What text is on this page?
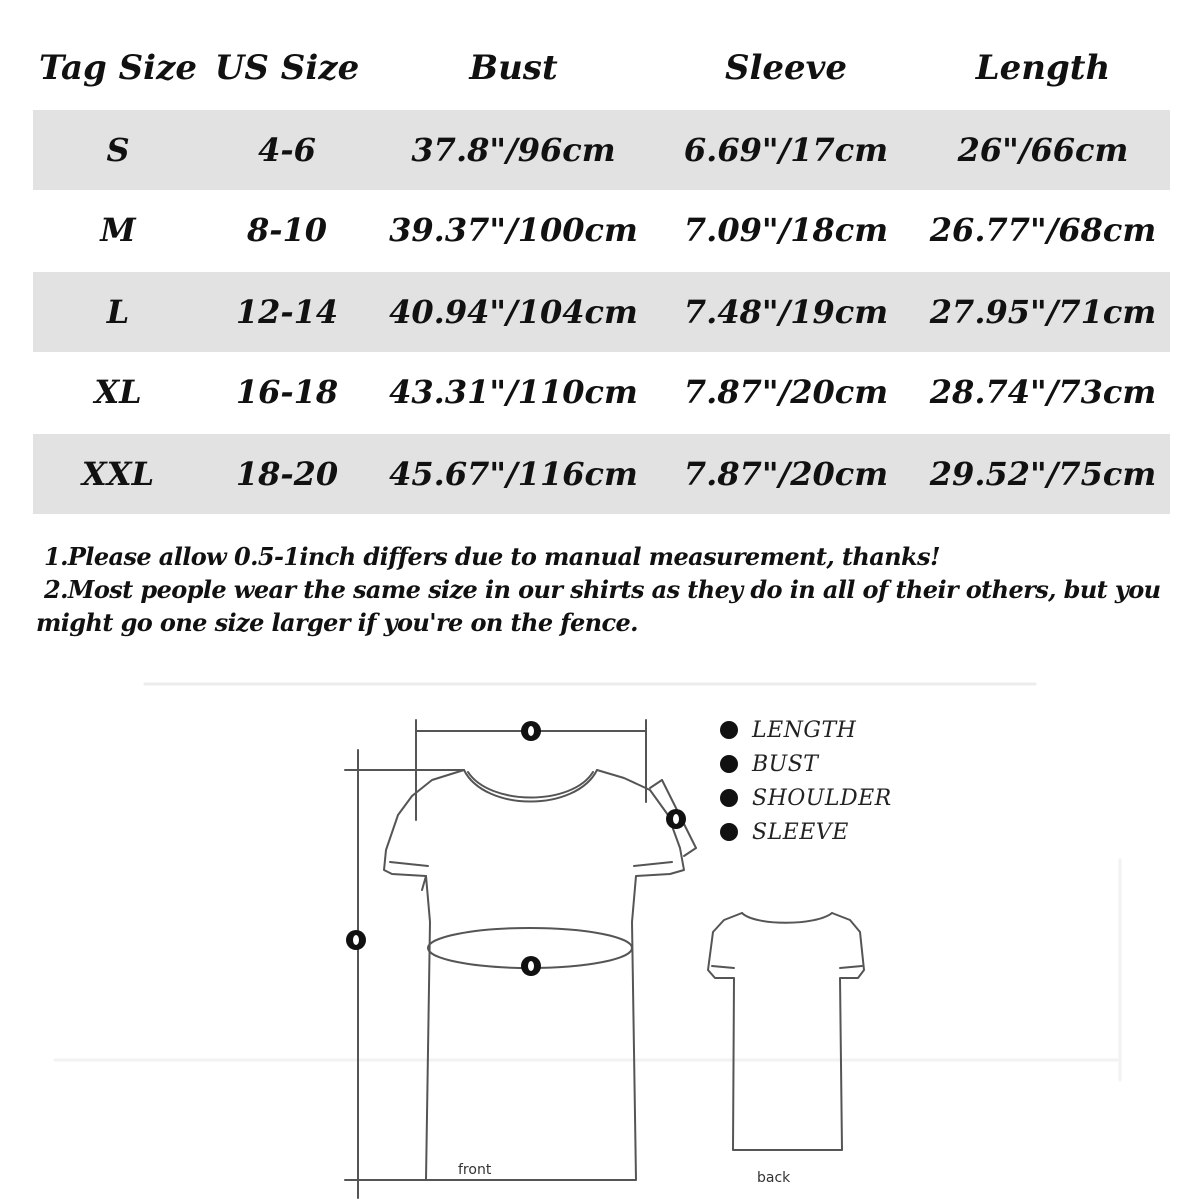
Tag Size	US Size	Bust	Sleeve	Length
S	4-6	37.8"/96cm	6.69"/17cm	26"/66cm
M	8-10	39.37"/100cm	7.09"/18cm	26.77"/68cm
L	12-14	40.94"/104cm	7.48"/19cm	27.95"/71cm
XL	16-18	43.31"/110cm	7.87"/20cm	28.74"/73cm
XXL	18-20	45.67"/116cm	7.87"/20cm	29.52"/75cm

1.Please allow 0.5-1inch differs due to manual measurement, thanks!

2.Most people wear the same size in our shirts as they do in all of their others, but you might go one size larger if you're on the fence.

LENGTH
BUST
SHOULDER
SLEEVE
front	back
